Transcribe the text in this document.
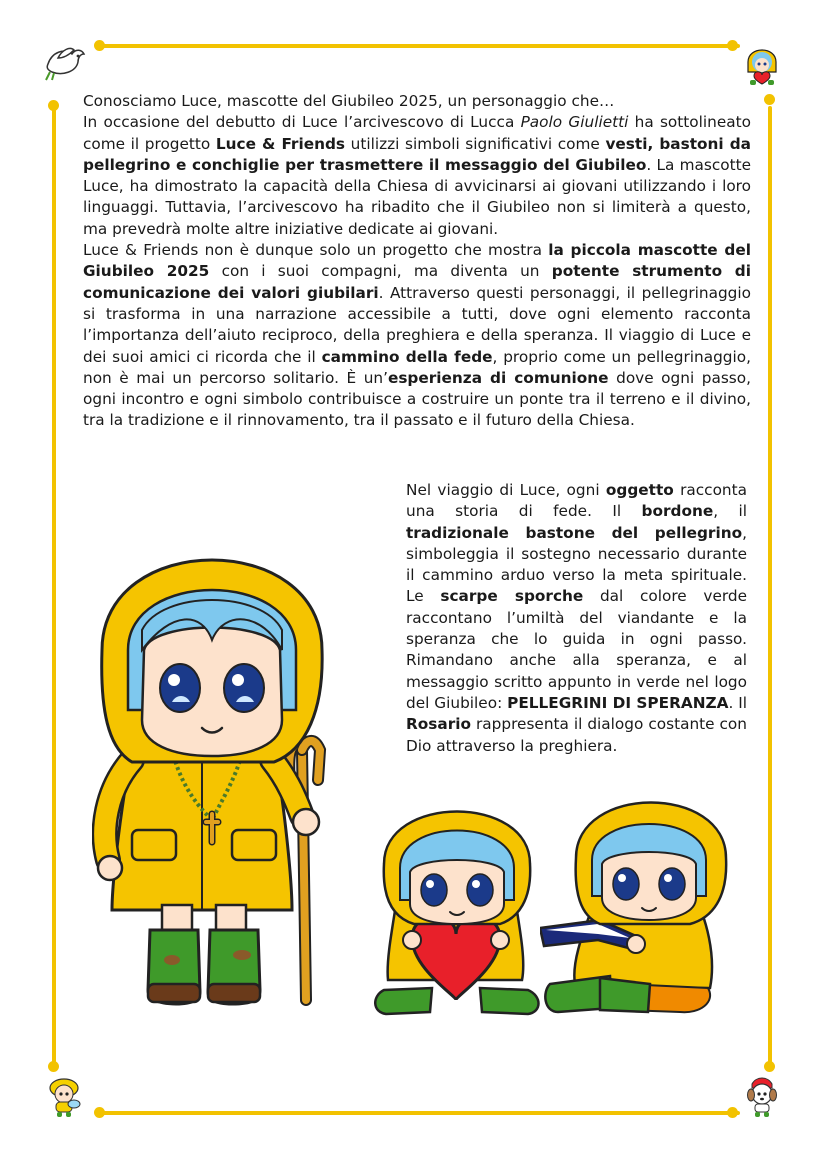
Conosciamo Luce, mascotte del Giubileo 2025, un personaggio che…

In occasione del debutto di Luce l’arcivescovo di Lucca Paolo Giulietti ha sottolineato come il progetto Luce & Friends utilizzi simboli significativi come vesti, bastoni da pellegrino e conchiglie per trasmettere il messaggio del Giubileo. La mascotte Luce, ha dimostrato la capacità della Chiesa di avvicinarsi ai giovani utilizzando i loro linguaggi. Tuttavia, l’arcivescovo ha ribadito che il Giubileo non si limiterà a questo, ma prevedrà molte altre iniziative dedicate ai giovani.

Luce & Friends non è dunque solo un progetto che mostra la piccola mascotte del Giubileo 2025 con i suoi compagni, ma diventa un potente strumento di comunicazione dei valori giubilari. Attraverso questi personaggi, il pellegrinaggio si trasforma in una narrazione accessibile a tutti, dove ogni elemento racconta l’importanza dell’aiuto reciproco, della preghiera e della speranza. Il viaggio di Luce e dei suoi amici ci ricorda che il cammino della fede, proprio come un pellegrinaggio, non è mai un percorso solitario. È un’esperienza di comunione dove ogni passo, ogni incontro e ogni simbolo contribuisce a costruire un ponte tra il terreno e il divino, tra la tradizione e il rinnovamento, tra il passato e il futuro della Chiesa.

Nel viaggio di Luce, ogni oggetto racconta una storia di fede. Il bordone, il tradizionale bastone del pellegrino, simboleggia il sostegno necessario durante il cammino arduo verso la meta spirituale. Le scarpe sporche dal colore verde raccontano l’umiltà del viandante e la speranza che lo guida in ogni passo. Rimandano anche alla speranza, e al messaggio scritto appunto in verde nel logo del Giubileo: PELLEGRINI DI SPERANZA. Il Rosario rappresenta il dialogo costante con Dio attraverso la preghiera.
